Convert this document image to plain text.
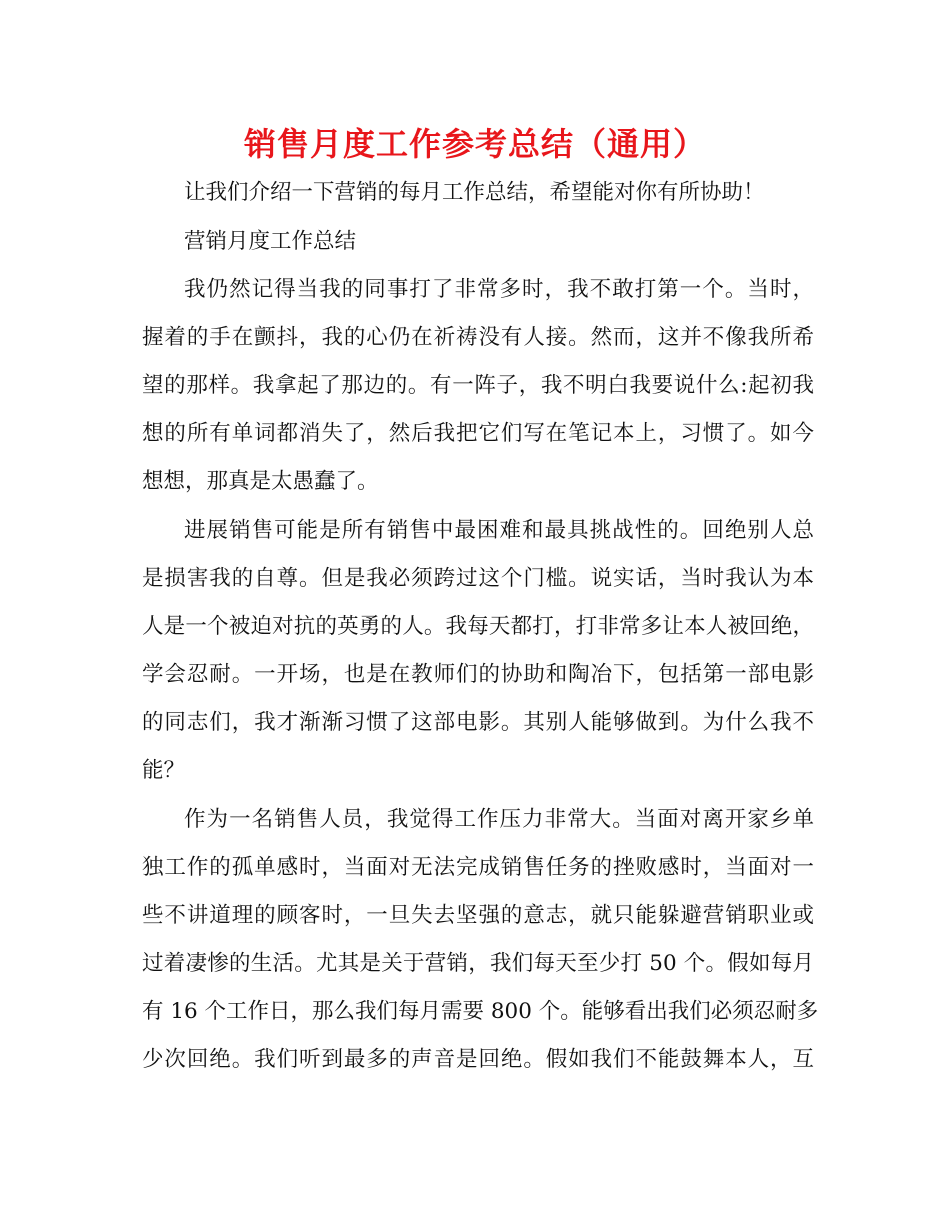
销售月度工作参考总结（通用）
让我们介绍一下营销的每月工作总结，希望能对你有所协助！
营销月度工作总结
我仍然记得当我的同事打了非常多时，我不敢打第一个。当时，
握着的手在颤抖，我的心仍在祈祷没有人接。然而，这并不像我所希
望的那样。我拿起了那边的。有一阵子，我不明白我要说什么:起初我
想的所有单词都消失了，然后我把它们写在笔记本上，习惯了。如今
想想，那真是太愚蠢了。
进展销售可能是所有销售中最困难和最具挑战性的。回绝别人总
是损害我的自尊。但是我必须跨过这个门槛。说实话，当时我认为本
人是一个被迫对抗的英勇的人。我每天都打，打非常多让本人被回绝，
学会忍耐。一开场，也是在教师们的协助和陶冶下，包括第一部电影
的同志们，我才渐渐习惯了这部电影。其别人能够做到。为什么我不
能？
作为一名销售人员，我觉得工作压力非常大。当面对离开家乡单
独工作的孤单感时，当面对无法完成销售任务的挫败感时，当面对一
些不讲道理的顾客时，一旦失去坚强的意志，就只能躲避营销职业或
过着凄惨的生活。尤其是关于营销，我们每天至少打 50 个。假如每月
有 16 个工作日，那么我们每月需要 800 个。能够看出我们必须忍耐多
少次回绝。我们听到最多的声音是回绝。假如我们不能鼓舞本人，互
